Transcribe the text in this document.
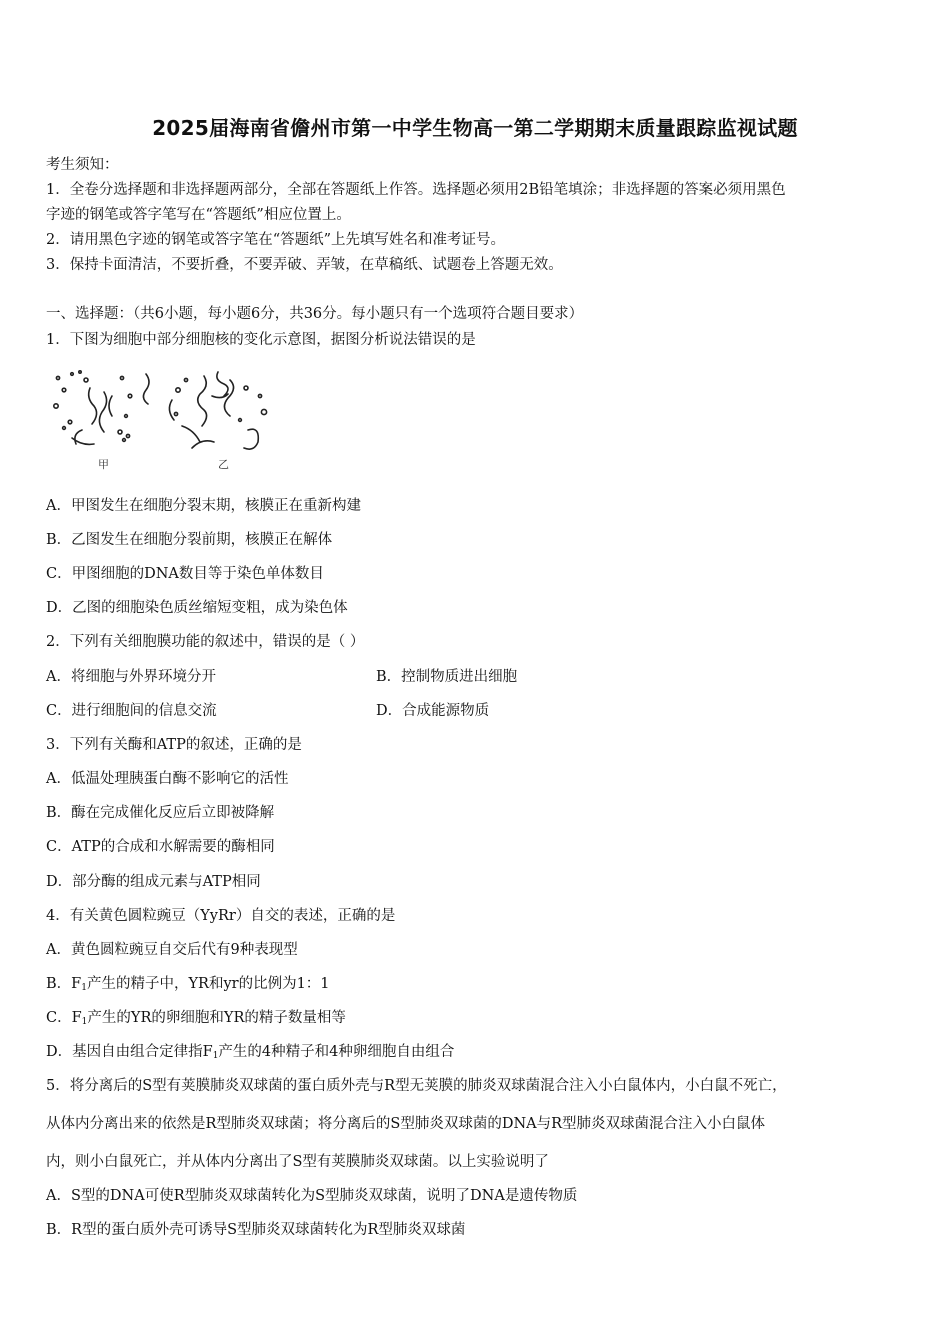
2025届海南省儋州市第一中学生物高一第二学期期末质量跟踪监视试题
考生须知：
1．全卷分选择题和非选择题两部分，全部在答题纸上作答。选择题必须用2B铅笔填涂；非选择题的答案必须用黑色
字迹的钢笔或答字笔写在“答题纸”相应位置上。
2．请用黑色字迹的钢笔或答字笔在“答题纸”上先填写姓名和准考证号。
3．保持卡面清洁，不要折叠，不要弄破、弄皱，在草稿纸、试题卷上答题无效。
一、选择题：（共6小题，每小题6分，共36分。每小题只有一个选项符合题目要求）
1．下图为细胞中部分细胞核的变化示意图，据图分析说法错误的是
甲	乙
A．甲图发生在细胞分裂末期，核膜正在重新构建
B．乙图发生在细胞分裂前期，核膜正在解体
C．甲图细胞的DNA数目等于染色单体数目
D．乙图的细胞染色质丝缩短变粗，成为染色体
2．下列有关细胞膜功能的叙述中，错误的是（ ）
A．将细胞与外界环境分开	B．控制物质进出细胞
C．进行细胞间的信息交流	D．合成能源物质
3．下列有关酶和ATP的叙述，正确的是
A．低温处理胰蛋白酶不影响它的活性
B．酶在完成催化反应后立即被降解
C．ATP的合成和水解需要的酶相同
D．部分酶的组成元素与ATP相同
4．有关黄色圆粒豌豆（YyRr）自交的表述，正确的是
A．黄色圆粒豌豆自交后代有9种表现型
B．$F_1$产生的精子中，YR和yr的比例为1：1
C．$F_1$产生的YR的卵细胞和YR的精子数量相等
D．基因自由组合定律指$F_1$产生的4种精子和4种卵细胞自由组合
5．将分离后的S型有荚膜肺炎双球菌的蛋白质外壳与R型无荚膜的肺炎双球菌混合注入小白鼠体内，小白鼠不死亡，
从体内分离出来的依然是R型肺炎双球菌；将分离后的S型肺炎双球菌的DNA与R型肺炎双球菌混合注入小白鼠体
内，则小白鼠死亡，并从体内分离出了S型有荚膜肺炎双球菌。以上实验说明了
A．S型的DNA可使R型肺炎双球菌转化为S型肺炎双球菌，说明了DNA是遗传物质
B．R型的蛋白质外壳可诱导S型肺炎双球菌转化为R型肺炎双球菌
